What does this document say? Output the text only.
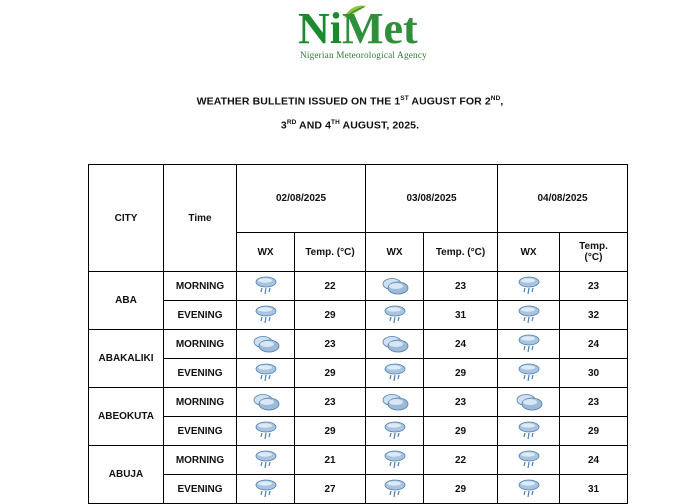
NiMet
Nigerian Meteorological Agency
WEATHER BULLETIN ISSUED ON THE 1ST AUGUST FOR 2ND,
3RD AND 4TH AUGUST, 2025.
CITY	Time	02/08/2025		03/08/2025		04/08/2025	
		WX	Temp. (°C)	WX	Temp. (°C)	WX	Temp.
(°C)
ABA	MORNING		22		23		23
	EVENING		29		31		32
ABAKALIKI	MORNING		23		24		24
	EVENING		29		29		30
ABEOKUTA	MORNING		23		23		23
	EVENING		29		29		29
ABUJA	MORNING		21		22		24
	EVENING		27		29		31
